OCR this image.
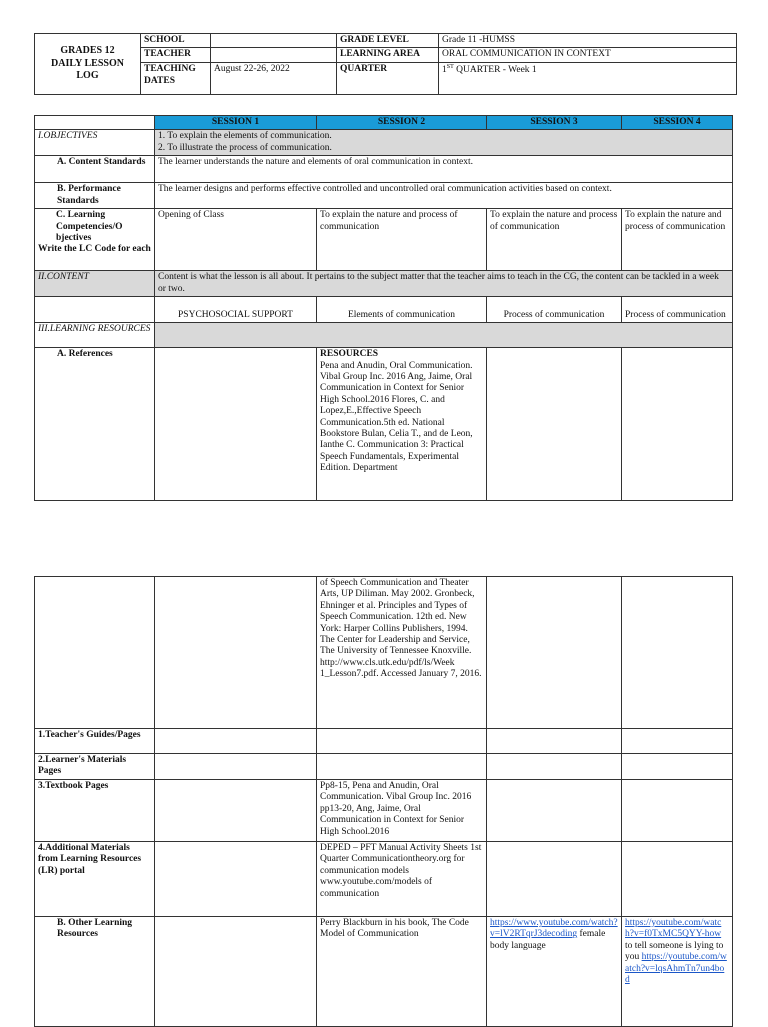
GRADES 12
DAILY LESSON
LOG	SCHOOL		GRADE LEVEL	Grade 11 -HUMSS
	TEACHER		LEARNING AREA	ORAL COMMUNICATION IN CONTEXT

	TEACHING
DATES	August 22-26, 2022	QUARTER	1ST QUARTER - Week 1
	SESSION 1	SESSION 2	SESSION 3	SESSION 4
I.OBJECTIVES	1. To explain the elements of communication.
2. To illustrate the process of communication.			

A. Content Standards	The learner understands the nature and elements of oral communication in context.			
B. Performance Standards	The learner designs and performs effective controlled and uncontrolled oral communication activities based on context.			

C. Learning Competencies/O bjectives
Write the LC Code for each	Opening of Class	To explain the nature and process of communication	To explain the nature and process of communication	To explain the nature and process of communication
II.CONTENT	Content is what the lesson is all about. It pertains to the subject matter that the teacher aims to teach in the CG, the content can be tackled in a week or two.			
	PSYCHOSOCIAL SUPPORT	Elements of communication	Process of communication	Process of communication
III.LEARNING RESOURCES				
A. References		RESOURCES
Pena and Anudin, Oral Communication. Vibal Group Inc. 2016 Ang, Jaime, Oral Communication in Context for Senior High School.2016 Flores, C. and Lopez,E.,Effective Speech Communication.5th ed. National Bookstore Bulan, Celia T., and de Leon, Ianthe C. Communication 3: Practical Speech Fundamentals, Experimental Edition. Department		

		of Speech Communication and Theater Arts, UP Diliman. May 2002. Gronbeck, Ehninger et al. Principles and Types of Speech Communication. 12th ed. New York: Harper Collins Publishers, 1994. The Center for Leadership and Service, The University of Tennessee Knoxville. http://www.cls.utk.edu/pdf/ls/Week 1_Lesson7.pdf. Accessed January 7, 2016.		
1.Teacher's Guides/Pages				
2.Learner's Materials Pages				
3.Textbook Pages		Pp8-15, Pena and Anudin, Oral Communication. Vibal Group Inc. 2016 pp13-20, Ang, Jaime, Oral Communication in Context for Senior High School.2016		
4.Additional Materials from Learning Resources (LR) portal		DEPED – PFT Manual Activity Sheets 1st Quarter Communicationtheory.org for communication models www.youtube.com/models of communication		
B. Other Learning Resources		Perry Blackburn in his book, The Code Model of Communication	https://www.youtube.com/watch?v=lV2RTqrJ3decoding female body language	https://youtube.com/watch?v=f0TxMC5QYY-how to tell someone is lying to you https://youtube.com/watch?v=lqsAhmTn7un4bod
